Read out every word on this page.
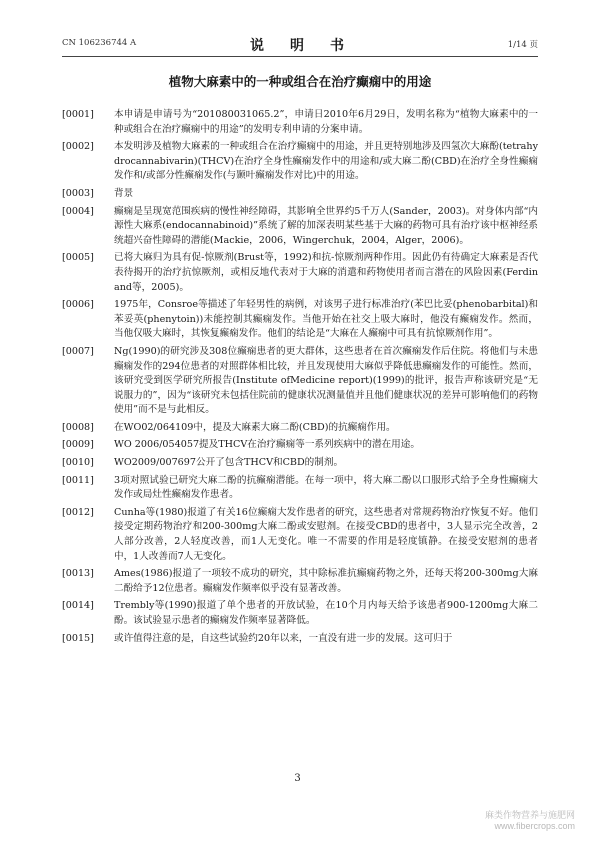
CN 106236744 A	说　明　书	1/14 页
植物大麻素中的一种或组合在治疗癫痫中的用途
[0001] 本申请是申请号为“201080031065.2”，申请日2010年6月29日，发明名称为“植物大麻素中的一种或组合在治疗癫痫中的用途”的发明专利申请的分案申请。
[0002] 本发明涉及植物大麻素的一种或组合在治疗癫痫中的用途，并且更特别地涉及四氢次大麻酚(tetrahydrocannabivarin)(THCV)在治疗全身性癫痫发作中的用途和/或大麻二酚(CBD)在治疗全身性癫痫发作和/或部分性癫痫发作(与颞叶癫痫发作对比)中的用途。
[0003] 背景
[0004] 癫痫是呈现宽范围疾病的慢性神经障碍，其影响全世界约5千万人(Sander，2003)。对身体内部“内源性大麻系(endocannabinoid)”系统了解的加深表明某些基于大麻的药物可具有治疗该中枢神经系统超兴奋性障碍的潜能(Mackie，2006，Wingerchuk，2004，Alger，2006)。
[0005] 已将大麻归为具有促-惊厥剂(Brust等，1992)和抗-惊厥剂两种作用。因此仍有待确定大麻素是否代表待揭开的治疗抗惊厥剂，或相反地代表对于大麻的消遣和药物使用者而言潜在的风险因素(Ferdinand等，2005)。
[0006] 1975年，Consroe等描述了年轻男性的病例，对该男子进行标准治疗(苯巴比妥(phenobarbital)和苯妥英(phenytoin))未能控制其癫痫发作。当他开始在社交上吸大麻时，他没有癫痫发作。然而，当他仅吸大麻时，其恢复癫痫发作。他们的结论是“大麻在人癫痫中可具有抗惊厥剂作用”。
[0007] Ng(1990)的研究涉及308位癫痫患者的更大群体，这些患者在首次癫痫发作后住院。将他们与未患癫痫发作的294位患者的对照群体相比较，并且发现使用大麻似乎降低患癫痫发作的可能性。然而，该研究受到医学研究所报告(Institute ofMedicine report)(1999)的批评，报告声称该研究是“无说服力的”，因为“该研究未包括住院前的健康状况测量值并且他们健康状况的差异可影响他们的药物使用”而不是与此相反。
[0008] 在WO02/064109中，提及大麻素大麻二酚(CBD)的抗癫痫作用。
[0009] WO 2006/054057提及THCV在治疗癫痫等一系列疾病中的潜在用途。
[0010] WO2009/007697公开了包含THCV和CBD的制剂。
[0011] 3项对照试验已研究大麻二酚的抗癫痫潜能。在每一项中，将大麻二酚以口服形式给予全身性癫痫大发作或局灶性癫痫发作患者。
[0012] Cunha等(1980)报道了有关16位癫痫大发作患者的研究，这些患者对常规药物治疗恢复不好。他们接受定期药物治疗和200-300mg大麻二酚或安慰剂。在接受CBD的患者中，3人显示完全改善，2人部分改善，2人轻度改善，而1人无变化。唯一不需要的作用是轻度镇静。在接受安慰剂的患者中，1人改善而7人无变化。
[0013] Ames(1986)报道了一项较不成功的研究，其中除标准抗癫痫药物之外，还每天将200-300mg大麻二酚给予12位患者。癫痫发作频率似乎没有显著改善。
[0014] Trembly等(1990)报道了单个患者的开放试验，在10个月内每天给予该患者900-1200mg大麻二酚。该试验显示患者的癫痫发作频率显著降低。
[0015] 或许值得注意的是，自这些试验约20年以来，一直没有进一步的发展。这可归于
3
麻类作物营养与施肥网
www.fibercrops.com
